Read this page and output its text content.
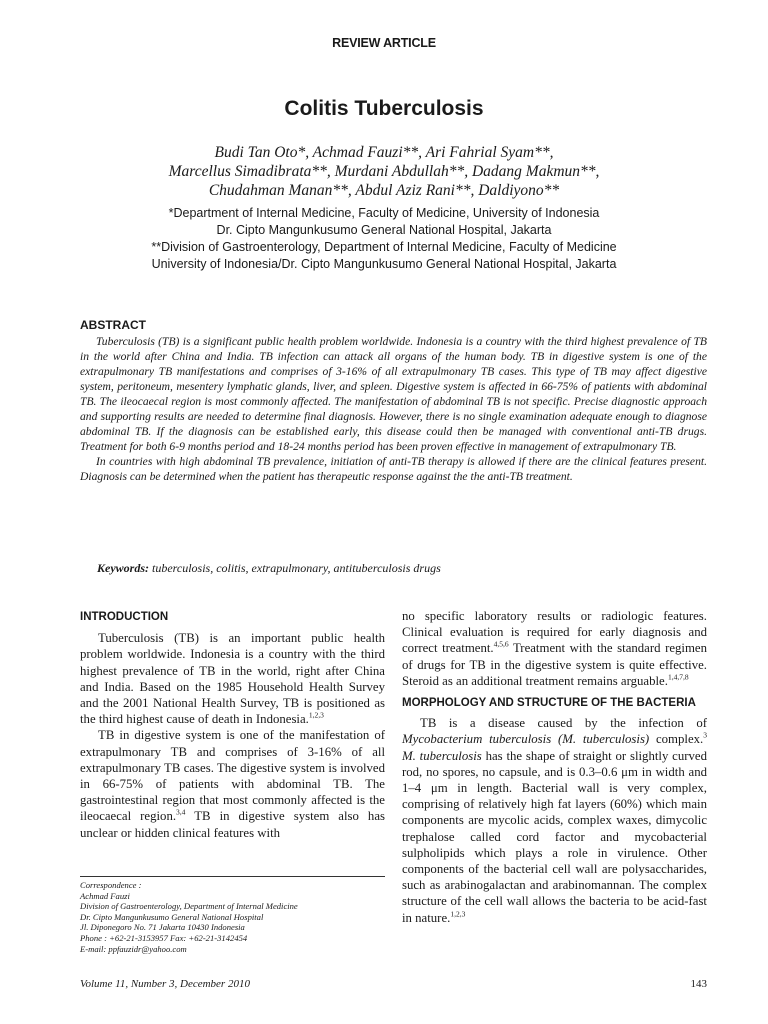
REVIEW ARTICLE
Colitis Tuberculosis
Budi Tan Oto*, Achmad Fauzi**, Ari Fahrial Syam**,
Marcellus Simadibrata**, Murdani Abdullah**, Dadang Makmun**,
Chudahman Manan**, Abdul Aziz Rani**, Daldiyono**
*Department of Internal Medicine, Faculty of Medicine, University of Indonesia
Dr. Cipto Mangunkusumo General National Hospital, Jakarta
**Division of Gastroenterology, Department of Internal Medicine, Faculty of Medicine
University of Indonesia/Dr. Cipto Mangunkusumo General National Hospital, Jakarta
ABSTRACT

Tuberculosis (TB) is a significant public health problem worldwide. Indonesia is a country with the third highest prevalence of TB in the world after China and India. TB infection can attack all organs of the human body. TB in digestive system is one of the extrapulmonary TB manifestations and comprises of 3-16% of all extrapulmonary TB cases. This type of TB may affect digestive system, peritoneum, mesentery lymphatic glands, liver, and spleen. Digestive system is affected in 66-75% of patients with abdominal TB. The ileocaecal region is most commonly affected. The manifestation of abdominal TB is not specific. Precise diagnostic approach and supporting results are needed to determine final diagnosis. However, there is no single examination adequate enough to diagnose abdominal TB. If the diagnosis can be established early, this disease could then be managed with conventional anti-TB drugs. Treatment for both 6-9 months period and 18-24 months period has been proven effective in management of extrapulmonary TB.

In countries with high abdominal TB prevalence, initiation of anti-TB therapy is allowed if there are the clinical features present. Diagnosis can be determined when the patient has therapeutic response against the the anti-TB treatment.

Keywords: tuberculosis, colitis, extrapulmonary, antituberculosis drugs
INTRODUCTION

Tuberculosis (TB) is an important public health problem worldwide. Indonesia is a country with the third highest prevalence of TB in the world, right after China and India. Based on the 1985 Household Health Survey and the 2001 National Health Survey, TB is positioned as the third highest cause of death in Indonesia.$^{1,2,3}$

TB in digestive system is one of the manifestation of extrapulmonary TB and comprises of 3-16% of all extrapulmonary TB cases. The digestive system is involved in 66-75% of patients with abdominal TB. The gastrointestinal region that most commonly affected is the ileocaecal region.$^{3,4}$ TB in digestive system also has unclear or hidden clinical features with

Correspondence :
Achmad Fauzi
Division of Gastroenterology, Department of Internal Medicine
Dr. Cipto Mangunkusumo General National Hospital
Jl. Diponegoro No. 71 Jakarta 10430 Indonesia
Phone : +62-21-3153957 Fax: +62-21-3142454
E-mail: ppfauzidr@yahoo.com

no specific laboratory results or radiologic features. Clinical evaluation is required for early diagnosis and correct treatment.$^{4,5,6}$ Treatment with the standard regimen of drugs for TB in the digestive system is quite effective. Steroid as an additional treatment remains arguable.$^{1,4,7,8}$

MORPHOLOGY AND STRUCTURE OF THE BACTERIA

TB is a disease caused by the infection of Mycobacterium tuberculosis (M. tuberculosis) complex.$^3$ M. tuberculosis has the shape of straight or slightly curved rod, no spores, no capsule, and is 0.3–0.6 μm in width and 1–4 μm in length. Bacterial wall is very complex, comprising of relatively high fat layers (60%) which main components are mycolic acids, complex waxes, dimycolic trephalose called cord factor and mycobacterial sulpholipids which plays a role in virulence. Other components of the bacterial cell wall are polysaccharides, such as arabinogalactan and arabinomannan. The complex structure of the cell wall allows the bacteria to be acid-fast in nature.$^{1,2,3}$

Volume 11, Number 3, December 2010	143
